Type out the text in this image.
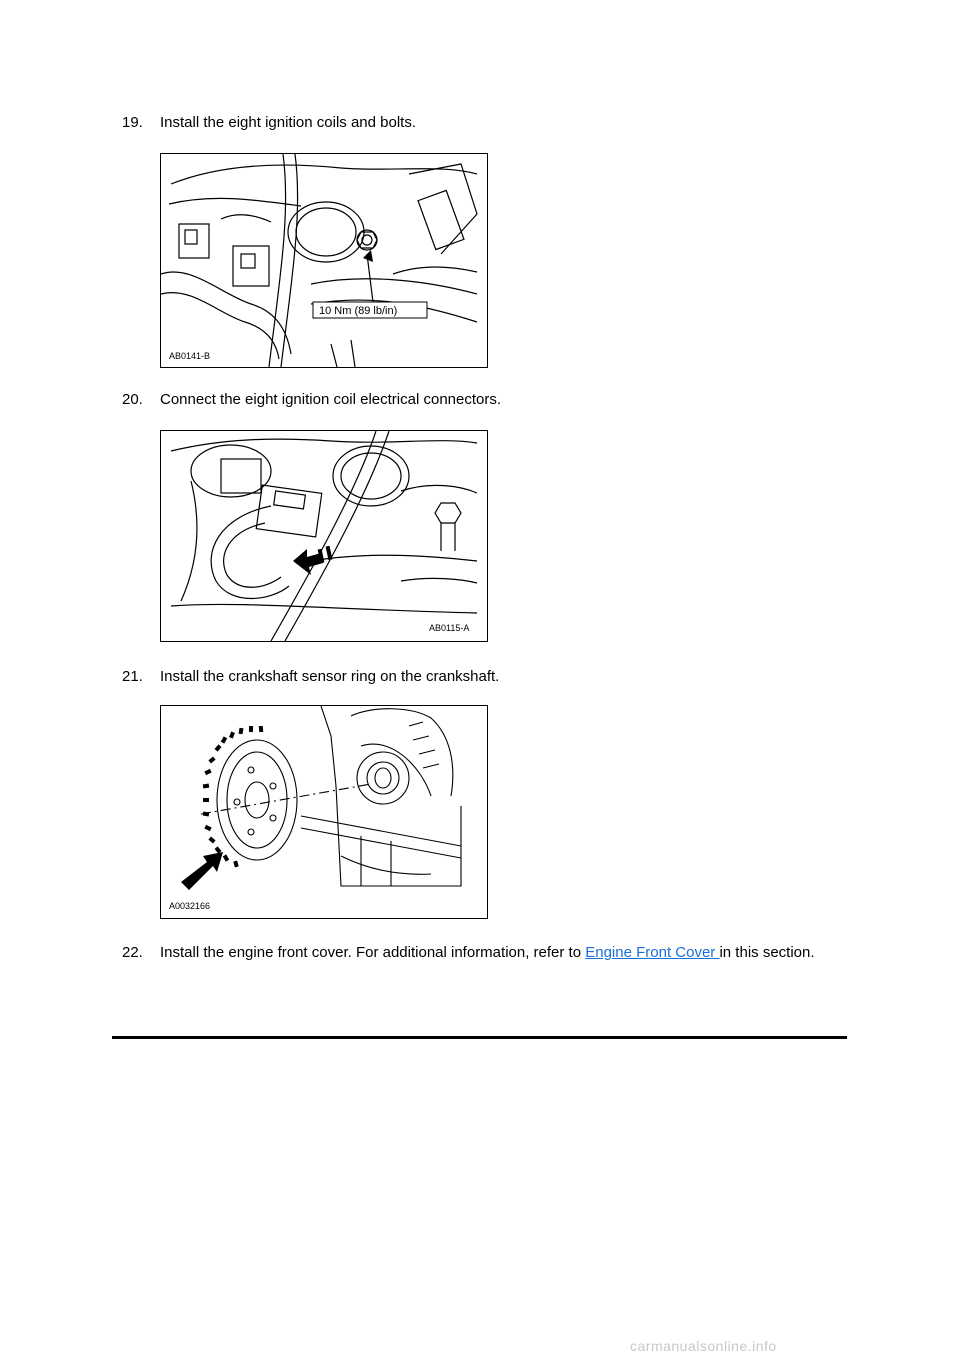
19.	Install the eight ignition coils and bolts.
10 Nm (89 lb/in)
AB0141-B
20.	Connect the eight ignition coil electrical connectors.
AB0115-A
21.	Install the crankshaft sensor ring on the crankshaft.
A0032166
22.	Install the engine front cover. For additional information, refer to Engine Front Cover in this section.
carmanualsonline.info
